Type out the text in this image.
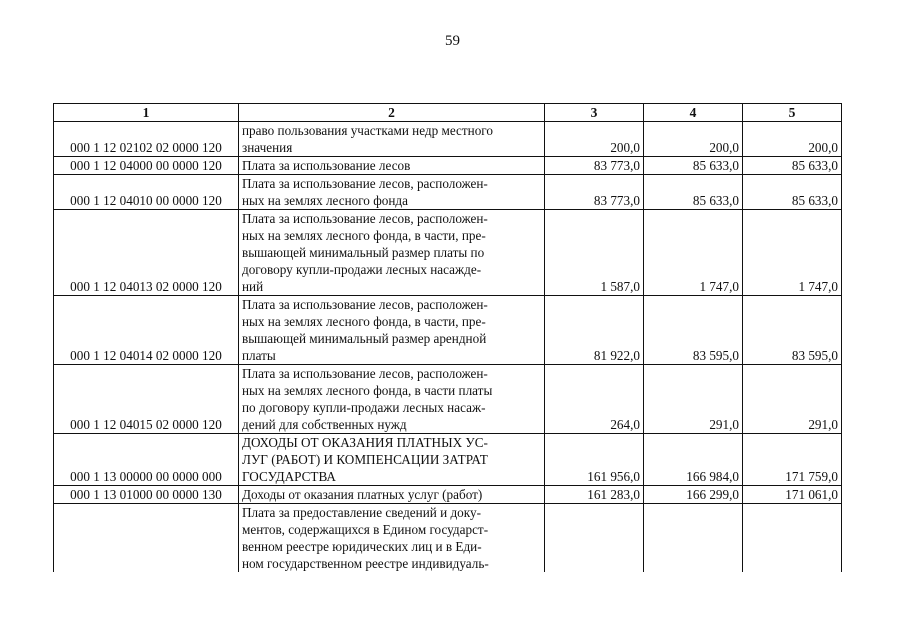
59
1	2	3	4	5
000 1 12 02102 02 0000 120	право пользования участками недр местного
значения	200,0	200,0	200,0
000 1 12 04000 00 0000 120	Плата за использование лесов	83 773,0	85 633,0	85 633,0
000 1 12 04010 00 0000 120	Плата за использование лесов, расположен-
ных на землях лесного фонда	83 773,0	85 633,0	85 633,0
000 1 12 04013 02 0000 120	Плата за использование лесов, расположен-
ных на землях лесного фонда, в части, пре-
вышающей минимальный размер платы по
договору купли-продажи лесных насажде-
ний	1 587,0	1 747,0	1 747,0
000 1 12 04014 02 0000 120	Плата за использование лесов, расположен-
ных на землях лесного фонда, в части, пре-
вышающей минимальный размер арендной
платы	81 922,0	83 595,0	83 595,0
000 1 12 04015 02 0000 120	Плата за использование лесов, расположен-
ных на землях лесного фонда, в части платы
по договору купли-продажи лесных насаж-
дений для собственных нужд	264,0	291,0	291,0
000 1 13 00000 00 0000 000	ДОХОДЫ ОТ ОКАЗАНИЯ ПЛАТНЫХ УС-
ЛУГ (РАБОТ) И КОМПЕНСАЦИИ ЗАТРАТ
ГОСУДАРСТВА	161 956,0	166 984,0	171 759,0
000 1 13 01000 00 0000 130	Доходы от оказания платных услуг (работ)	161 283,0	166 299,0	171 061,0

	Плата за предоставление сведений и доку-
ментов, содержащихся в Едином государст-
венном реестре юридических лиц и в Еди-
ном государственном реестре индивидуаль-			
